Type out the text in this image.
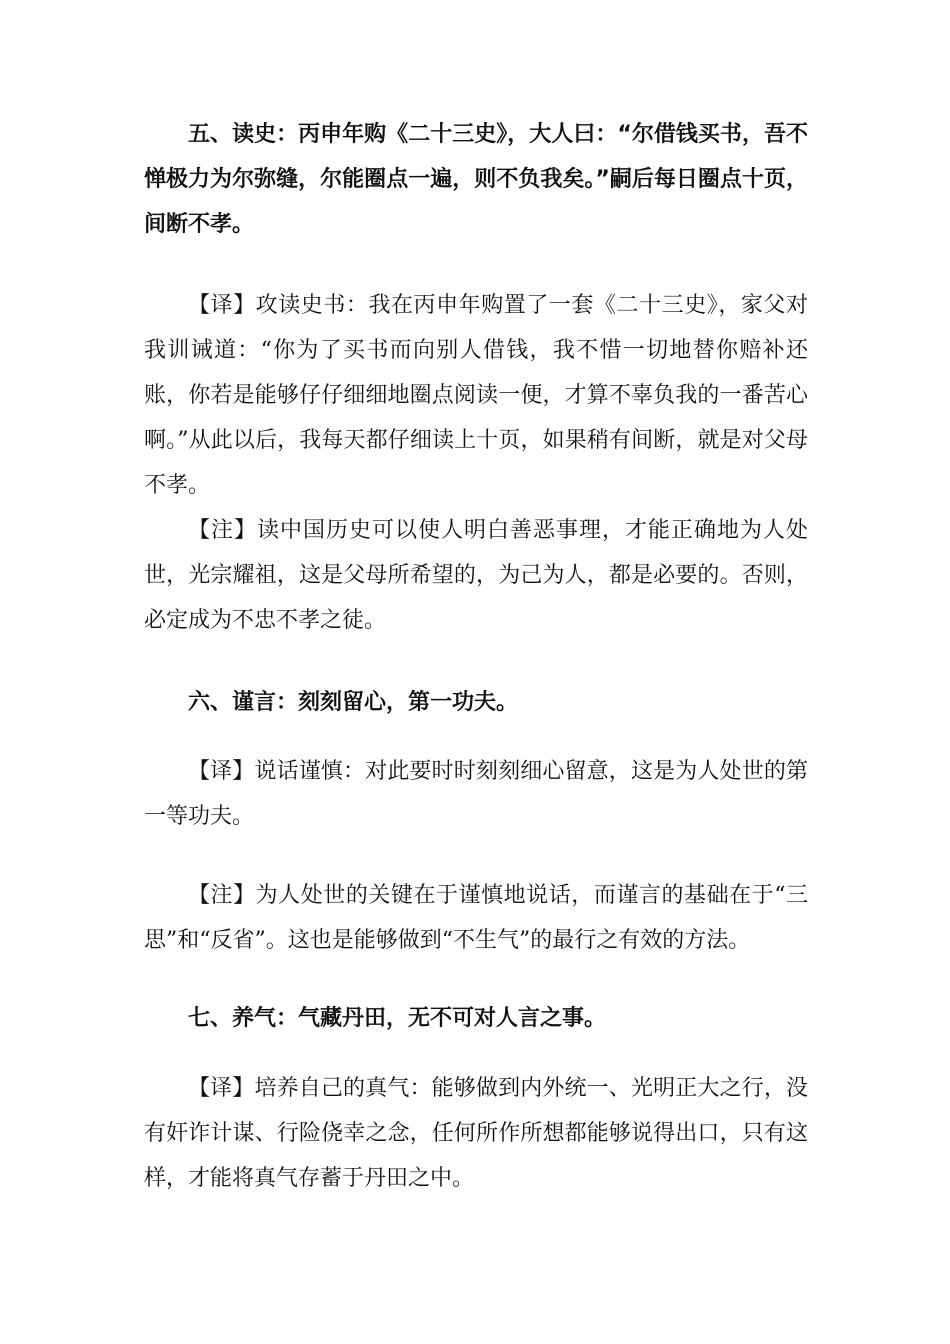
五、读史：丙申年购《二十三史》，大人曰：“尔借钱买书，吾不惮极力为尔弥缝，尔能圈点一遍，则不负我矣。”嗣后每日圈点十页，间断不孝。

【译】攻读史书：我在丙申年购置了一套《二十三史》，家父对我训诫道：“你为了买书而向别人借钱，我不惜一切地替你赔补还账，你若是能够仔仔细细地圈点阅读一便，才算不辜负我的一番苦心啊。”从此以后，我每天都仔细读上十页，如果稍有间断，就是对父母不孝。

【注】读中国历史可以使人明白善恶事理，才能正确地为人处世，光宗耀祖，这是父母所希望的，为己为人，都是必要的。否则，必定成为不忠不孝之徒。

六、谨言：刻刻留心，第一功夫。

【译】说话谨慎：对此要时时刻刻细心留意，这是为人处世的第一等功夫。

【注】为人处世的关键在于谨慎地说话，而谨言的基础在于“三思”和“反省”。这也是能够做到“不生气”的最行之有效的方法。

七、养气：气藏丹田，无不可对人言之事。

【译】培养自己的真气：能够做到内外统一、光明正大之行，没有奸诈计谋、行险侥幸之念，任何所作所想都能够说得出口，只有这样，才能将真气存蓄于丹田之中。
